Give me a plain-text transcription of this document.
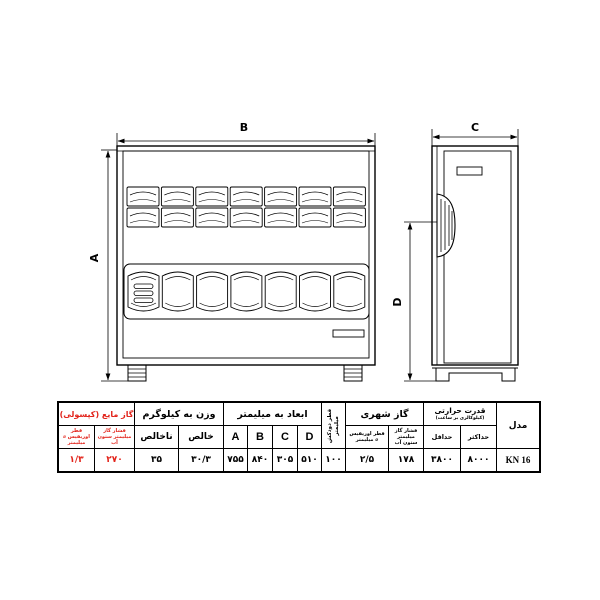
B
A
C
D
مدل
قدرت حرارتی
(کیلوکالری بر ساعت)
گاز شهری
قطر دودکش میلیمتر
ابعاد به میلیمتر
وزن به کیلوگرم
گاز مایع (کپسولی)
حداکثر
حداقل
فشار گاز میلیمتر ستون آب
قطر اوریفیس ⌀ میلیمتر
D
C
B
A
خالص
ناخالص
فشار گاز میلیمتر ستون آب
قطر اوریفیس ⌀ میلیمتر
KN 16
۸۰۰۰
۳۸۰۰
۱۷۸
۲/۵
۱۰۰
۵۱۰
۳۰۵
۸۴۰
۷۵۵
۳۰/۳
۳۵
۲۷۰
۱/۳
